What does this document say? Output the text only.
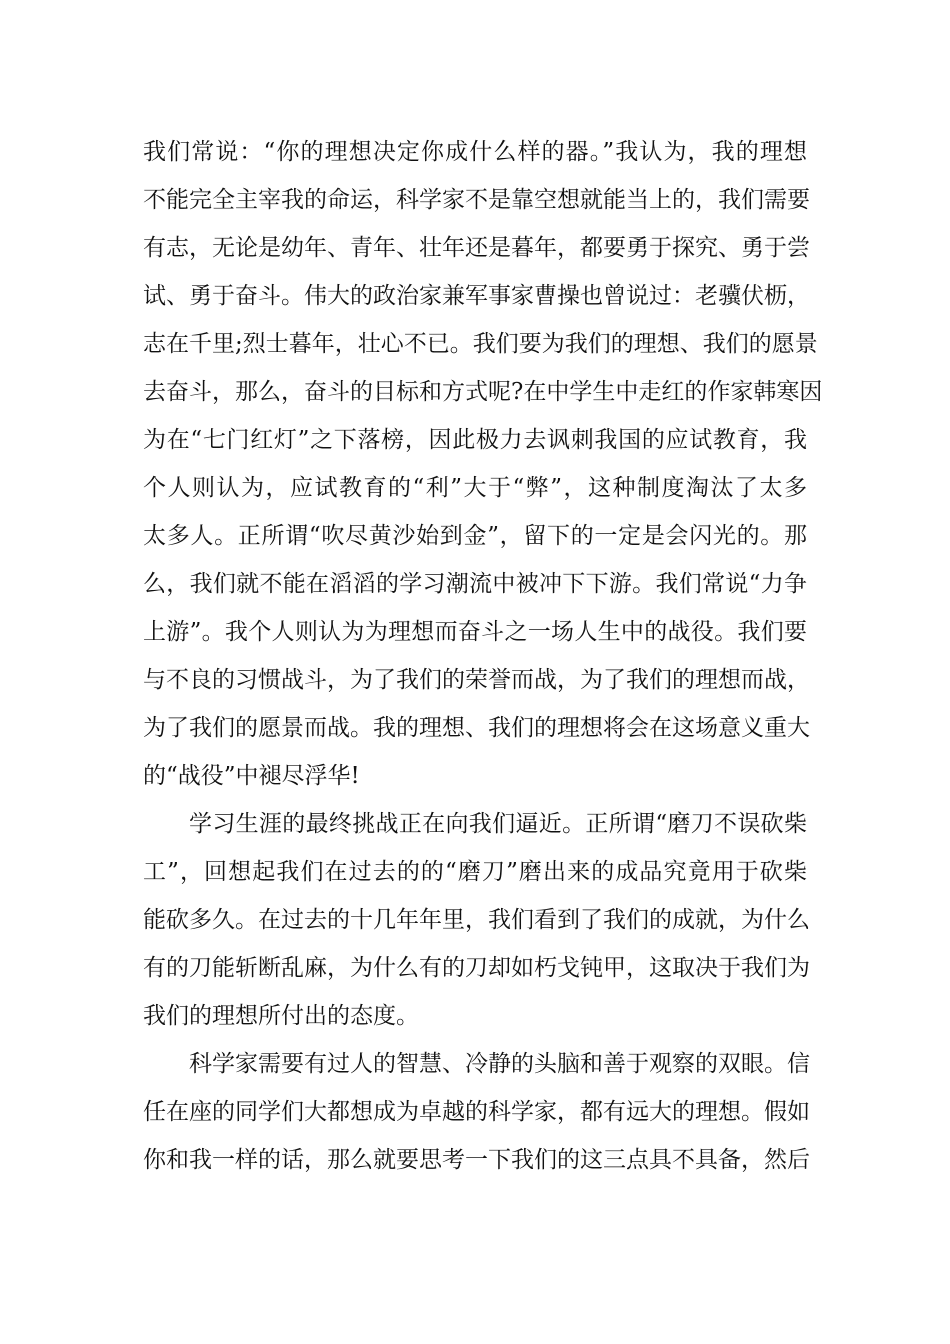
我们常说：“你的理想决定你成什么样的器。”我认为，我的理想
不能完全主宰我的命运，科学家不是靠空想就能当上的，我们需要
有志，无论是幼年、青年、壮年还是暮年，都要勇于探究、勇于尝
试、勇于奋斗。伟大的政治家兼军事家曹操也曾说过：老骥伏枥，
志在千里;烈士暮年，壮心不已。我们要为我们的理想、我们的愿景
去奋斗，那么，奋斗的目标和方式呢?在中学生中走红的作家韩寒因
为在“七门红灯”之下落榜，因此极力去讽刺我国的应试教育，我
个人则认为，应试教育的“利”大于“弊”，这种制度淘汰了太多
太多人。正所谓“吹尽黄沙始到金”，留下的一定是会闪光的。那
么，我们就不能在滔滔的学习潮流中被冲下下游。我们常说“力争
上游”。我个人则认为为理想而奋斗之一场人生中的战役。我们要
与不良的习惯战斗，为了我们的荣誉而战，为了我们的理想而战，
为了我们的愿景而战。我的理想、我们的理想将会在这场意义重大
的“战役”中褪尽浮华!
学习生涯的最终挑战正在向我们逼近。正所谓“磨刀不误砍柴
工”，回想起我们在过去的的“磨刀”磨出来的成品究竟用于砍柴
能砍多久。在过去的十几年年里，我们看到了我们的成就，为什么
有的刀能斩断乱麻，为什么有的刀却如朽戈钝甲，这取决于我们为
我们的理想所付出的态度。
科学家需要有过人的智慧、冷静的头脑和善于观察的双眼。信
任在座的同学们大都想成为卓越的科学家，都有远大的理想。假如
你和我一样的话，那么就要思考一下我们的这三点具不具备，然后
